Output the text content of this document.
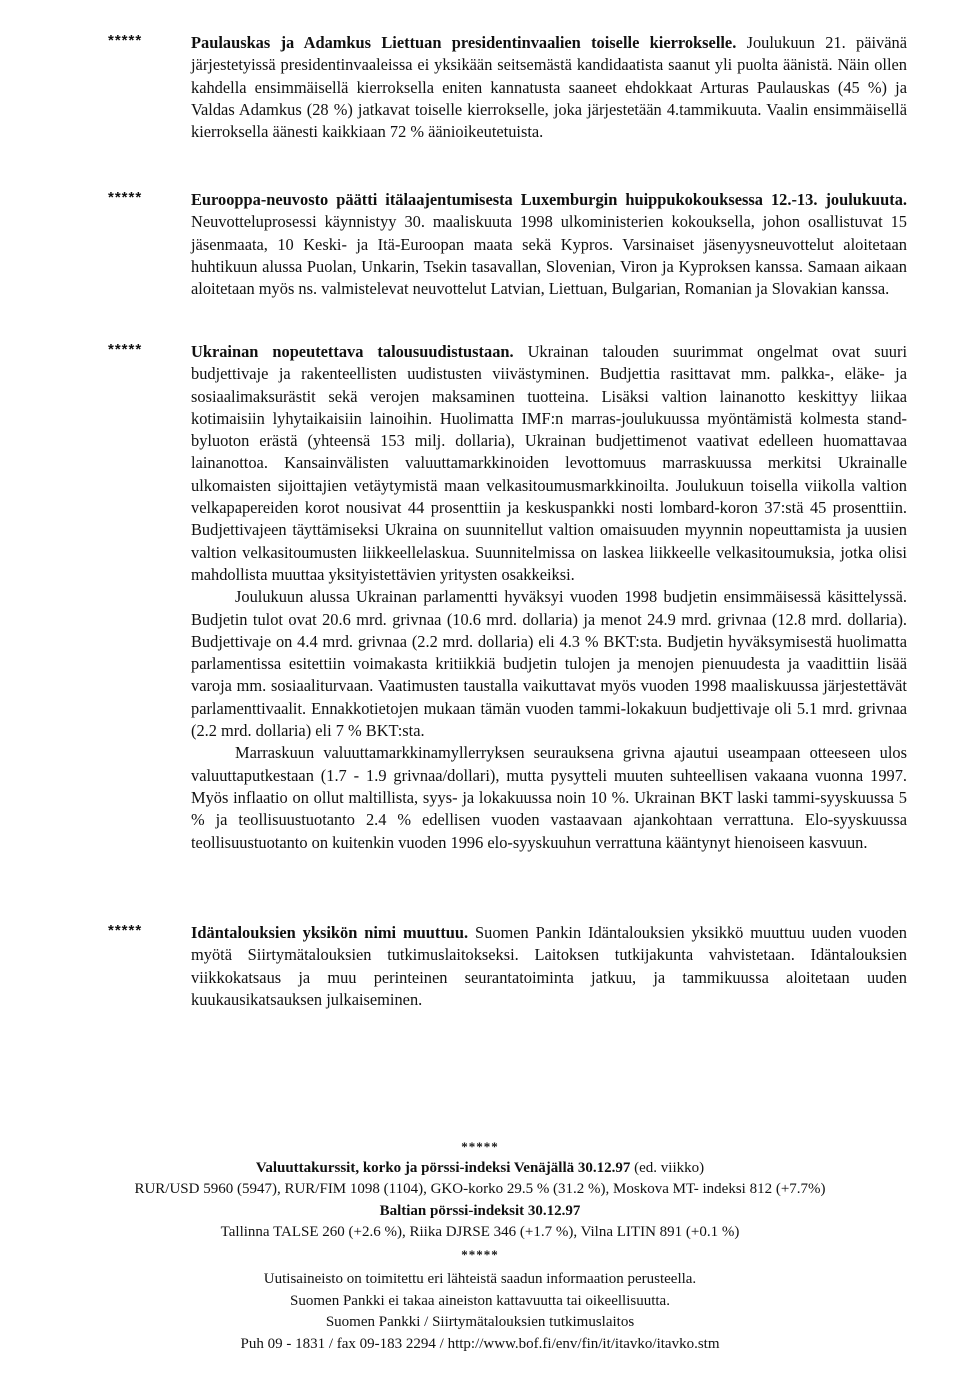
*****	Paulauskas ja Adamkus Liettuan presidentinvaalien toiselle kierrokselle. Joulukuun 21. päivänä järjestetyissä presidentinvaaleissa ei yksikään seitsemästä kandidaatista saanut yli puolta äänistä. Näin ollen kahdella ensimmäisellä kierroksella eniten kannatusta saaneet ehdokkaat Arturas Paulauskas (45 %) ja Valdas Adamkus (28 %) jatkavat toiselle kierrokselle, joka järjestetään 4.tammikuuta. Vaalin ensimmäisellä kierroksella äänesti kaikkiaan 72 % äänioikeutetuista.

*****	Eurooppa-neuvosto päätti itälaajentumisesta Luxemburgin huippukokouksessa 12.-13. joulukuuta. Neuvotteluprosessi käynnistyy 30. maaliskuuta 1998 ulkoministerien kokouksella, johon osallistuvat 15 jäsenmaata, 10 Keski- ja Itä-Euroopan maata sekä Kypros. Varsinaiset jäsenyysneuvottelut aloitetaan huhtikuun alussa Puolan, Unkarin, Tsekin tasavallan, Slovenian, Viron ja Kyproksen kanssa. Samaan aikaan aloitetaan myös ns. valmistelevat neuvottelut Latvian, Liettuan, Bulgarian, Romanian ja Slovakian kanssa.

*****	Ukrainan nopeutettava talousuudistustaan. Ukrainan talouden suurimmat ongelmat ovat suuri budjettivaje ja rakenteellisten uudistusten viivästyminen. Budjettia rasittavat mm. palkka-, eläke- ja sosiaalimaksurästit sekä verojen maksaminen tuotteina. Lisäksi valtion lainanotto keskittyy liikaa kotimaisiin lyhytaikaisiin lainoihin. Huolimatta IMF:n marras-joulukuussa myöntämistä kolmesta stand-byluoton erästä (yhteensä 153 milj. dollaria), Ukrainan budjettimenot vaativat edelleen huomattavaa lainanottoa. Kansainvälisten valuuttamarkkinoiden levottomuus marraskuussa merkitsi Ukrainalle ulkomaisten sijoittajien vetäytymistä maan velkasitoumusmarkkinoilta. Joulukuun toisella viikolla valtion velkapapereiden korot nousivat 44 prosenttiin ja keskuspankki nosti lombard-koron 37:stä 45 prosenttiin. Budjettivajeen täyttämiseksi Ukraina on suunnitellut valtion omaisuuden myynnin nopeuttamista ja uusien valtion velkasitoumusten liikkeellelaskua. Suunnitelmissa on laskea liikkeelle velkasitoumuksia, jotka olisi mahdollista muuttaa yksityistettävien yritysten osakkeiksi.

Joulukuun alussa Ukrainan parlamentti hyväksyi vuoden 1998 budjetin ensimmäisessä käsittelyssä. Budjetin tulot ovat 20.6 mrd. grivnaa (10.6 mrd. dollaria) ja menot 24.9 mrd. grivnaa (12.8 mrd. dollaria). Budjettivaje on 4.4 mrd. grivnaa (2.2 mrd. dollaria) eli 4.3 % BKT:sta. Budjetin hyväksymisestä huolimatta parlamentissa esitettiin voimakasta kritiikkiä budjetin tulojen ja menojen pienuudesta ja vaadittiin lisää varoja mm. sosiaaliturvaan. Vaatimusten taustalla vaikuttavat myös vuoden 1998 maaliskuussa järjestettävät parlamenttivaalit. Ennakkotietojen mukaan tämän vuoden tammi-lokakuun budjettivaje oli 5.1 mrd. grivnaa (2.2 mrd. dollaria) eli 7 % BKT:sta.

Marraskuun valuuttamarkkinamyllerryksen seurauksena grivna ajautui useampaan otteeseen ulos valuuttaputkestaan (1.7 - 1.9 grivnaa/dollari), mutta pysytteli muuten suhteellisen vakaana vuonna 1997. Myös inflaatio on ollut maltillista, syys- ja lokakuussa noin 10 %. Ukrainan BKT laski tammi-syyskuussa 5 % ja teollisuustuotanto 2.4 % edellisen vuoden vastaavaan ajankohtaan verrattuna. Elo-syyskuussa teollisuustuotanto on kuitenkin vuoden 1996 elo-syyskuuhun verrattuna kääntynyt hienoiseen kasvuun.

*****	Idäntalouksien yksikön nimi muuttuu. Suomen Pankin Idäntalouksien yksikkö muuttuu uuden vuoden myötä Siirtymätalouksien tutkimuslaitokseksi. Laitoksen tutkijakunta vahvistetaan. Idäntalouksien viikkokatsaus ja muu perinteinen seurantatoiminta jatkuu, ja tammikuussa aloitetaan uuden kuukausikatsauksen julkaiseminen.

*****
Valuuttakurssit, korko ja pörssi-indeksi Venäjällä 30.12.97 (ed. viikko)
RUR/USD 5960 (5947), RUR/FIM 1098 (1104), GKO-korko 29.5 % (31.2 %), Moskova MT- indeksi 812 (+7.7%)
Baltian pörssi-indeksit 30.12.97
Tallinna TALSE 260 (+2.6 %), Riika DJRSE 346 (+1.7 %), Vilna LITIN 891 (+0.1 %)
*****
Uutisaineisto on toimitettu eri lähteistä saadun informaation perusteella.
Suomen Pankki ei takaa aineiston kattavuutta tai oikeellisuutta.
Suomen Pankki / Siirtymätalouksien tutkimuslaitos
Puh 09 - 1831 / fax 09-183 2294 / http://www.bof.fi/env/fin/it/itavko/itavko.stm
